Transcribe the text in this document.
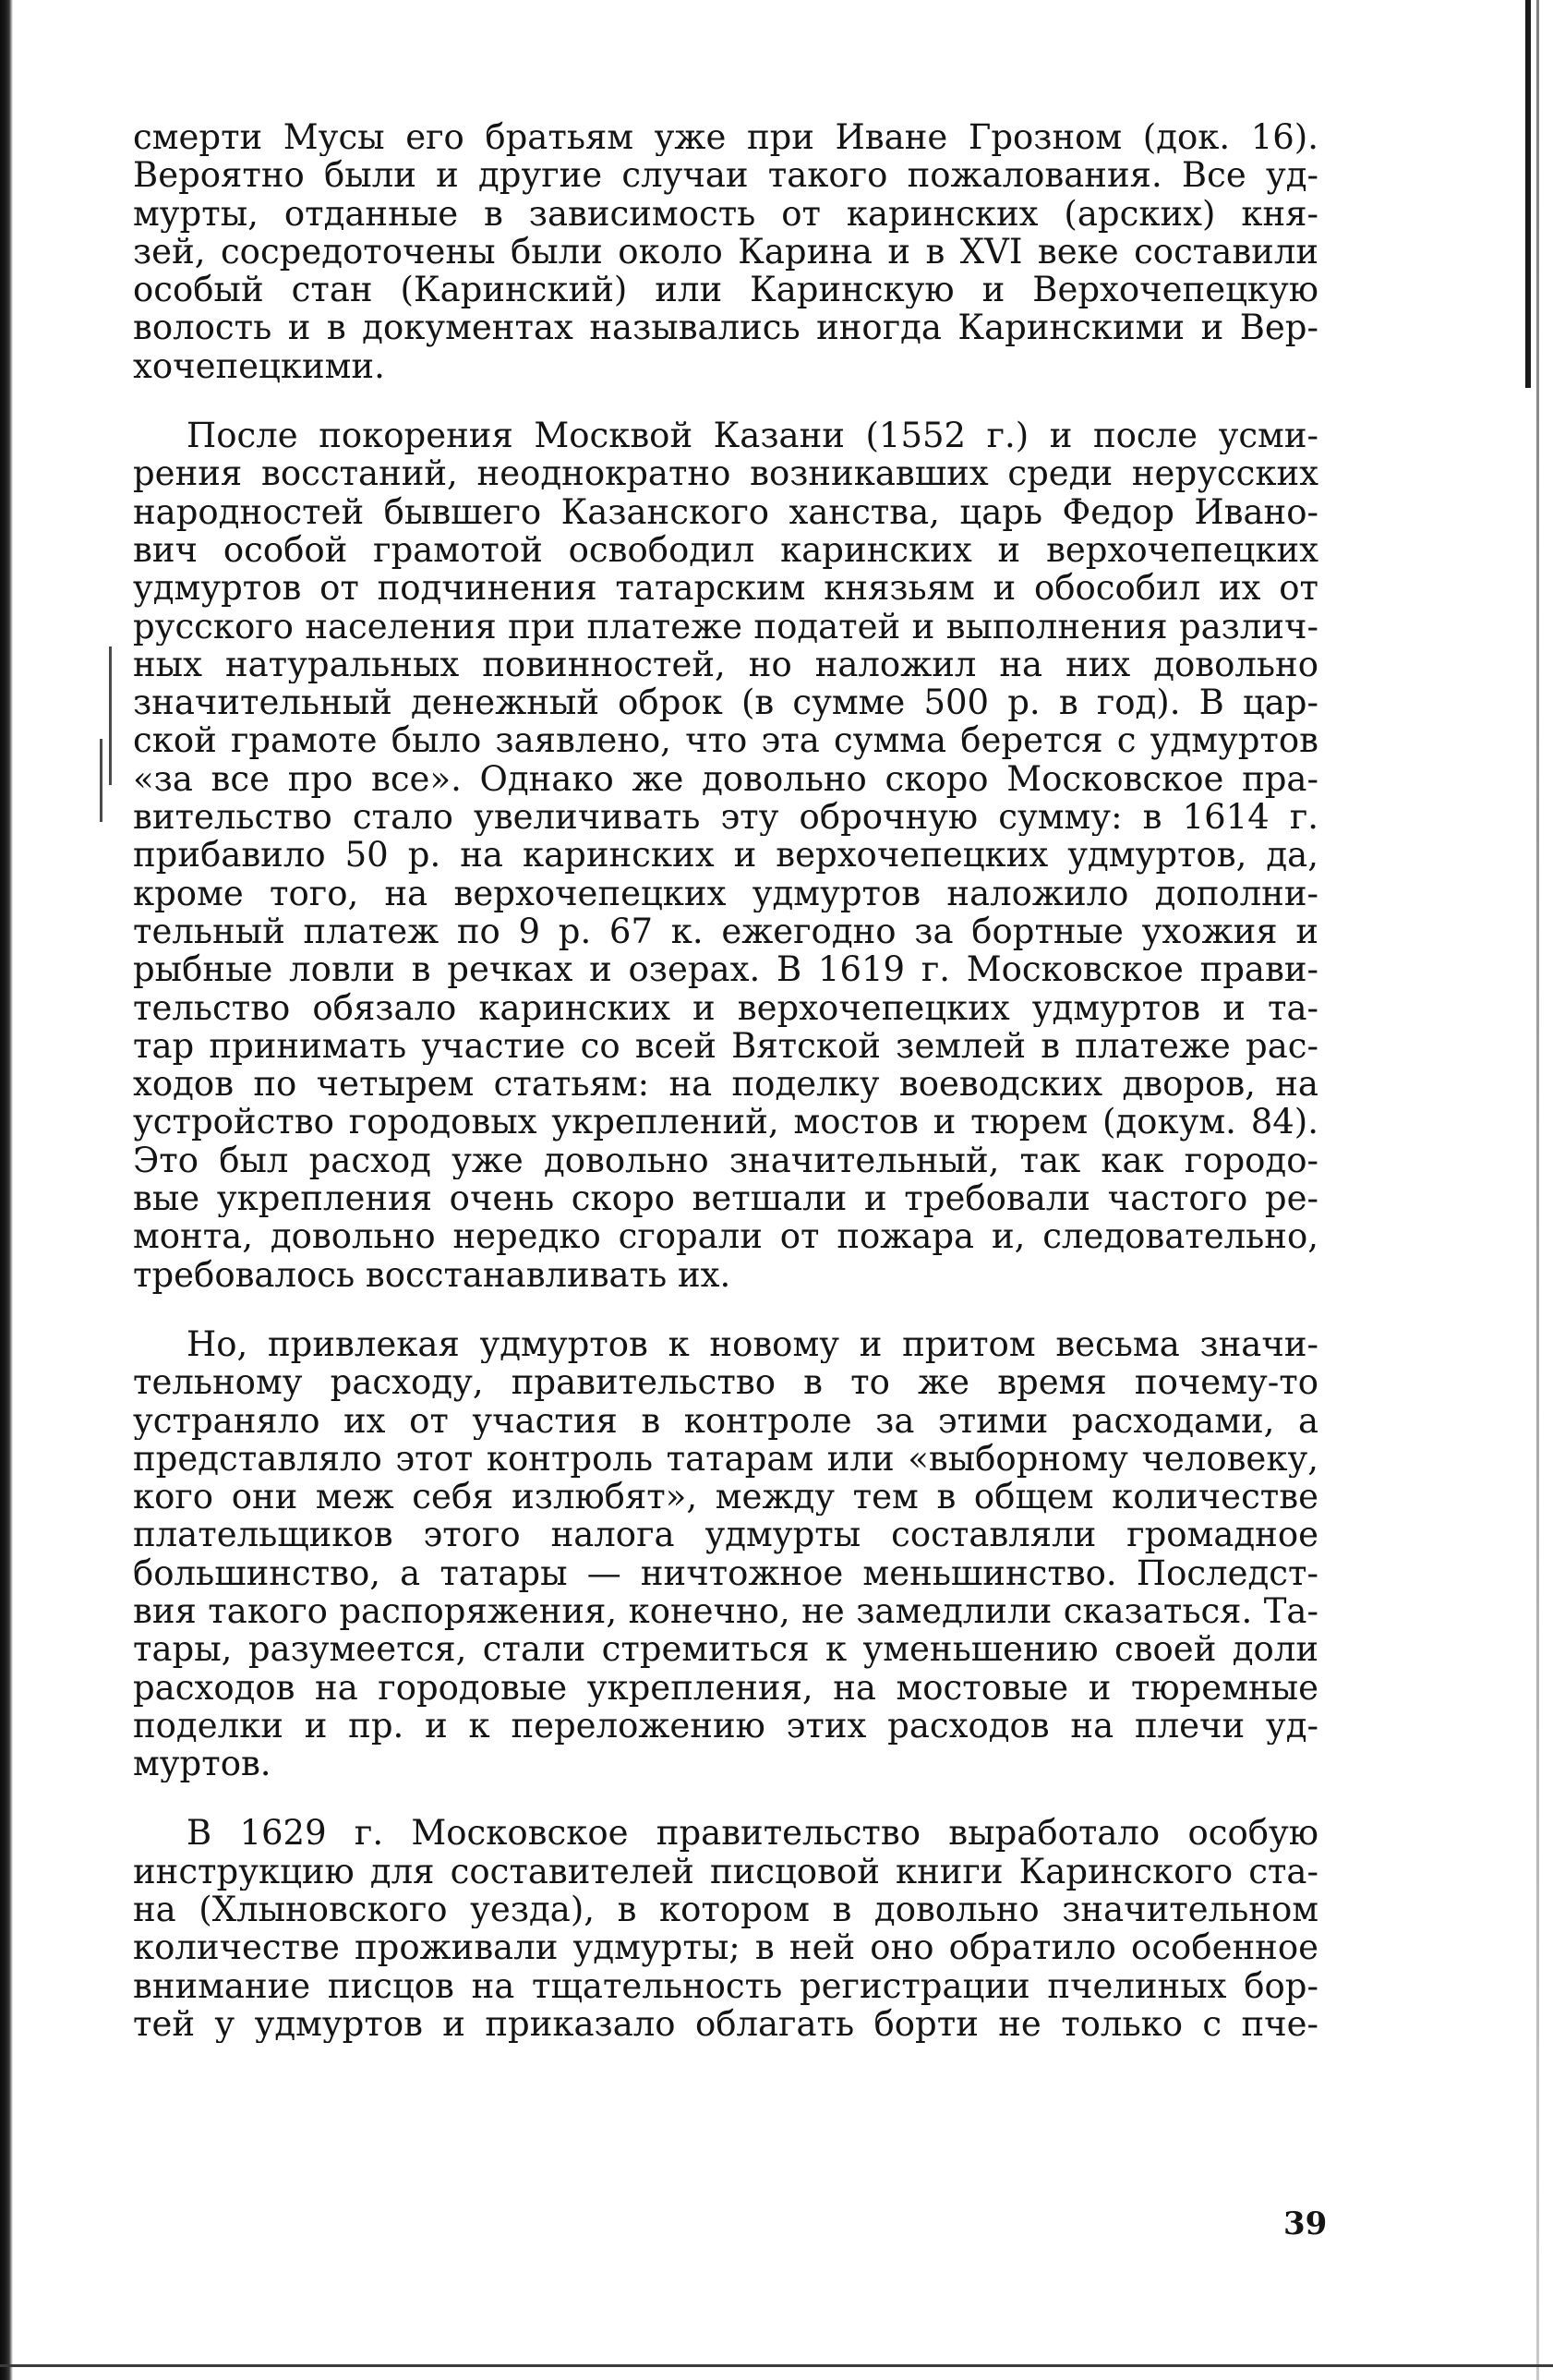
смерти Мусы его братьям уже при Иване Грозном (док. 16).
Вероятно были и другие случаи такого пожалования. Все уд-
мурты, отданные в зависимость от каринских (арских) кня-
зей, сосредоточены были около Карина и в XVI веке составили
особый стан (Каринский) или Каринскую и Верхочепецкую
волость и в документах назывались иногда Каринскими и Вер-
хочепецкими.
После покорения Москвой Казани (1552 г.) и после усми-
рения восстаний, неоднократно возникавших среди нерусских
народностей бывшего Казанского ханства, царь Федор Ивано-
вич особой грамотой освободил каринских и верхочепецких
удмуртов от подчинения татарским князьям и обособил их от
русского населения при платеже податей и выполнения различ-
ных натуральных повинностей, но наложил на них довольно
значительный денежный оброк (в сумме 500 р. в год). В цар-
ской грамоте было заявлено, что эта сумма берется с удмуртов
«за все про все». Однако же довольно скоро Московское пра-
вительство стало увеличивать эту оброчную сумму: в 1614 г.
прибавило 50 р. на каринских и верхочепецких удмуртов, да,
кроме того, на верхочепецких удмуртов наложило дополни-
тельный платеж по 9 р. 67 к. ежегодно за бортные ухожия и
рыбные ловли в речках и озерах. В 1619 г. Московское прави-
тельство обязало каринских и верхочепецких удмуртов и та-
тар принимать участие со всей Вятской землей в платеже рас-
ходов по четырем статьям: на поделку воеводских дворов, на
устройство городовых укреплений, мостов и тюрем (докум. 84).
Это был расход уже довольно значительный, так как городо-
вые укрепления очень скоро ветшали и требовали частого ре-
монта, довольно нередко сгорали от пожара и, следовательно,
требовалось восстанавливать их.
Но, привлекая удмуртов к новому и притом весьма значи-
тельному расходу, правительство в то же время почему-то
устраняло их от участия в контроле за этими расходами, а
представляло этот контроль татарам или «выборному человеку,
кого они меж себя излюбят», между тем в общем количестве
плательщиков этого налога удмурты составляли громадное
большинство, а татары — ничтожное меньшинство. Последст-
вия такого распоряжения, конечно, не замедлили сказаться. Та-
тары, разумеется, стали стремиться к уменьшению своей доли
расходов на городовые укрепления, на мостовые и тюремные
поделки и пр. и к переложению этих расходов на плечи уд-
муртов.
В 1629 г. Московское правительство выработало особую
инструкцию для составителей писцовой книги Каринского ста-
на (Хлыновского уезда), в котором в довольно значительном
количестве проживали удмурты; в ней оно обратило особенное
внимание писцов на тщательность регистрации пчелиных бор-
тей у удмуртов и приказало облагать борти не только с пче-
39
